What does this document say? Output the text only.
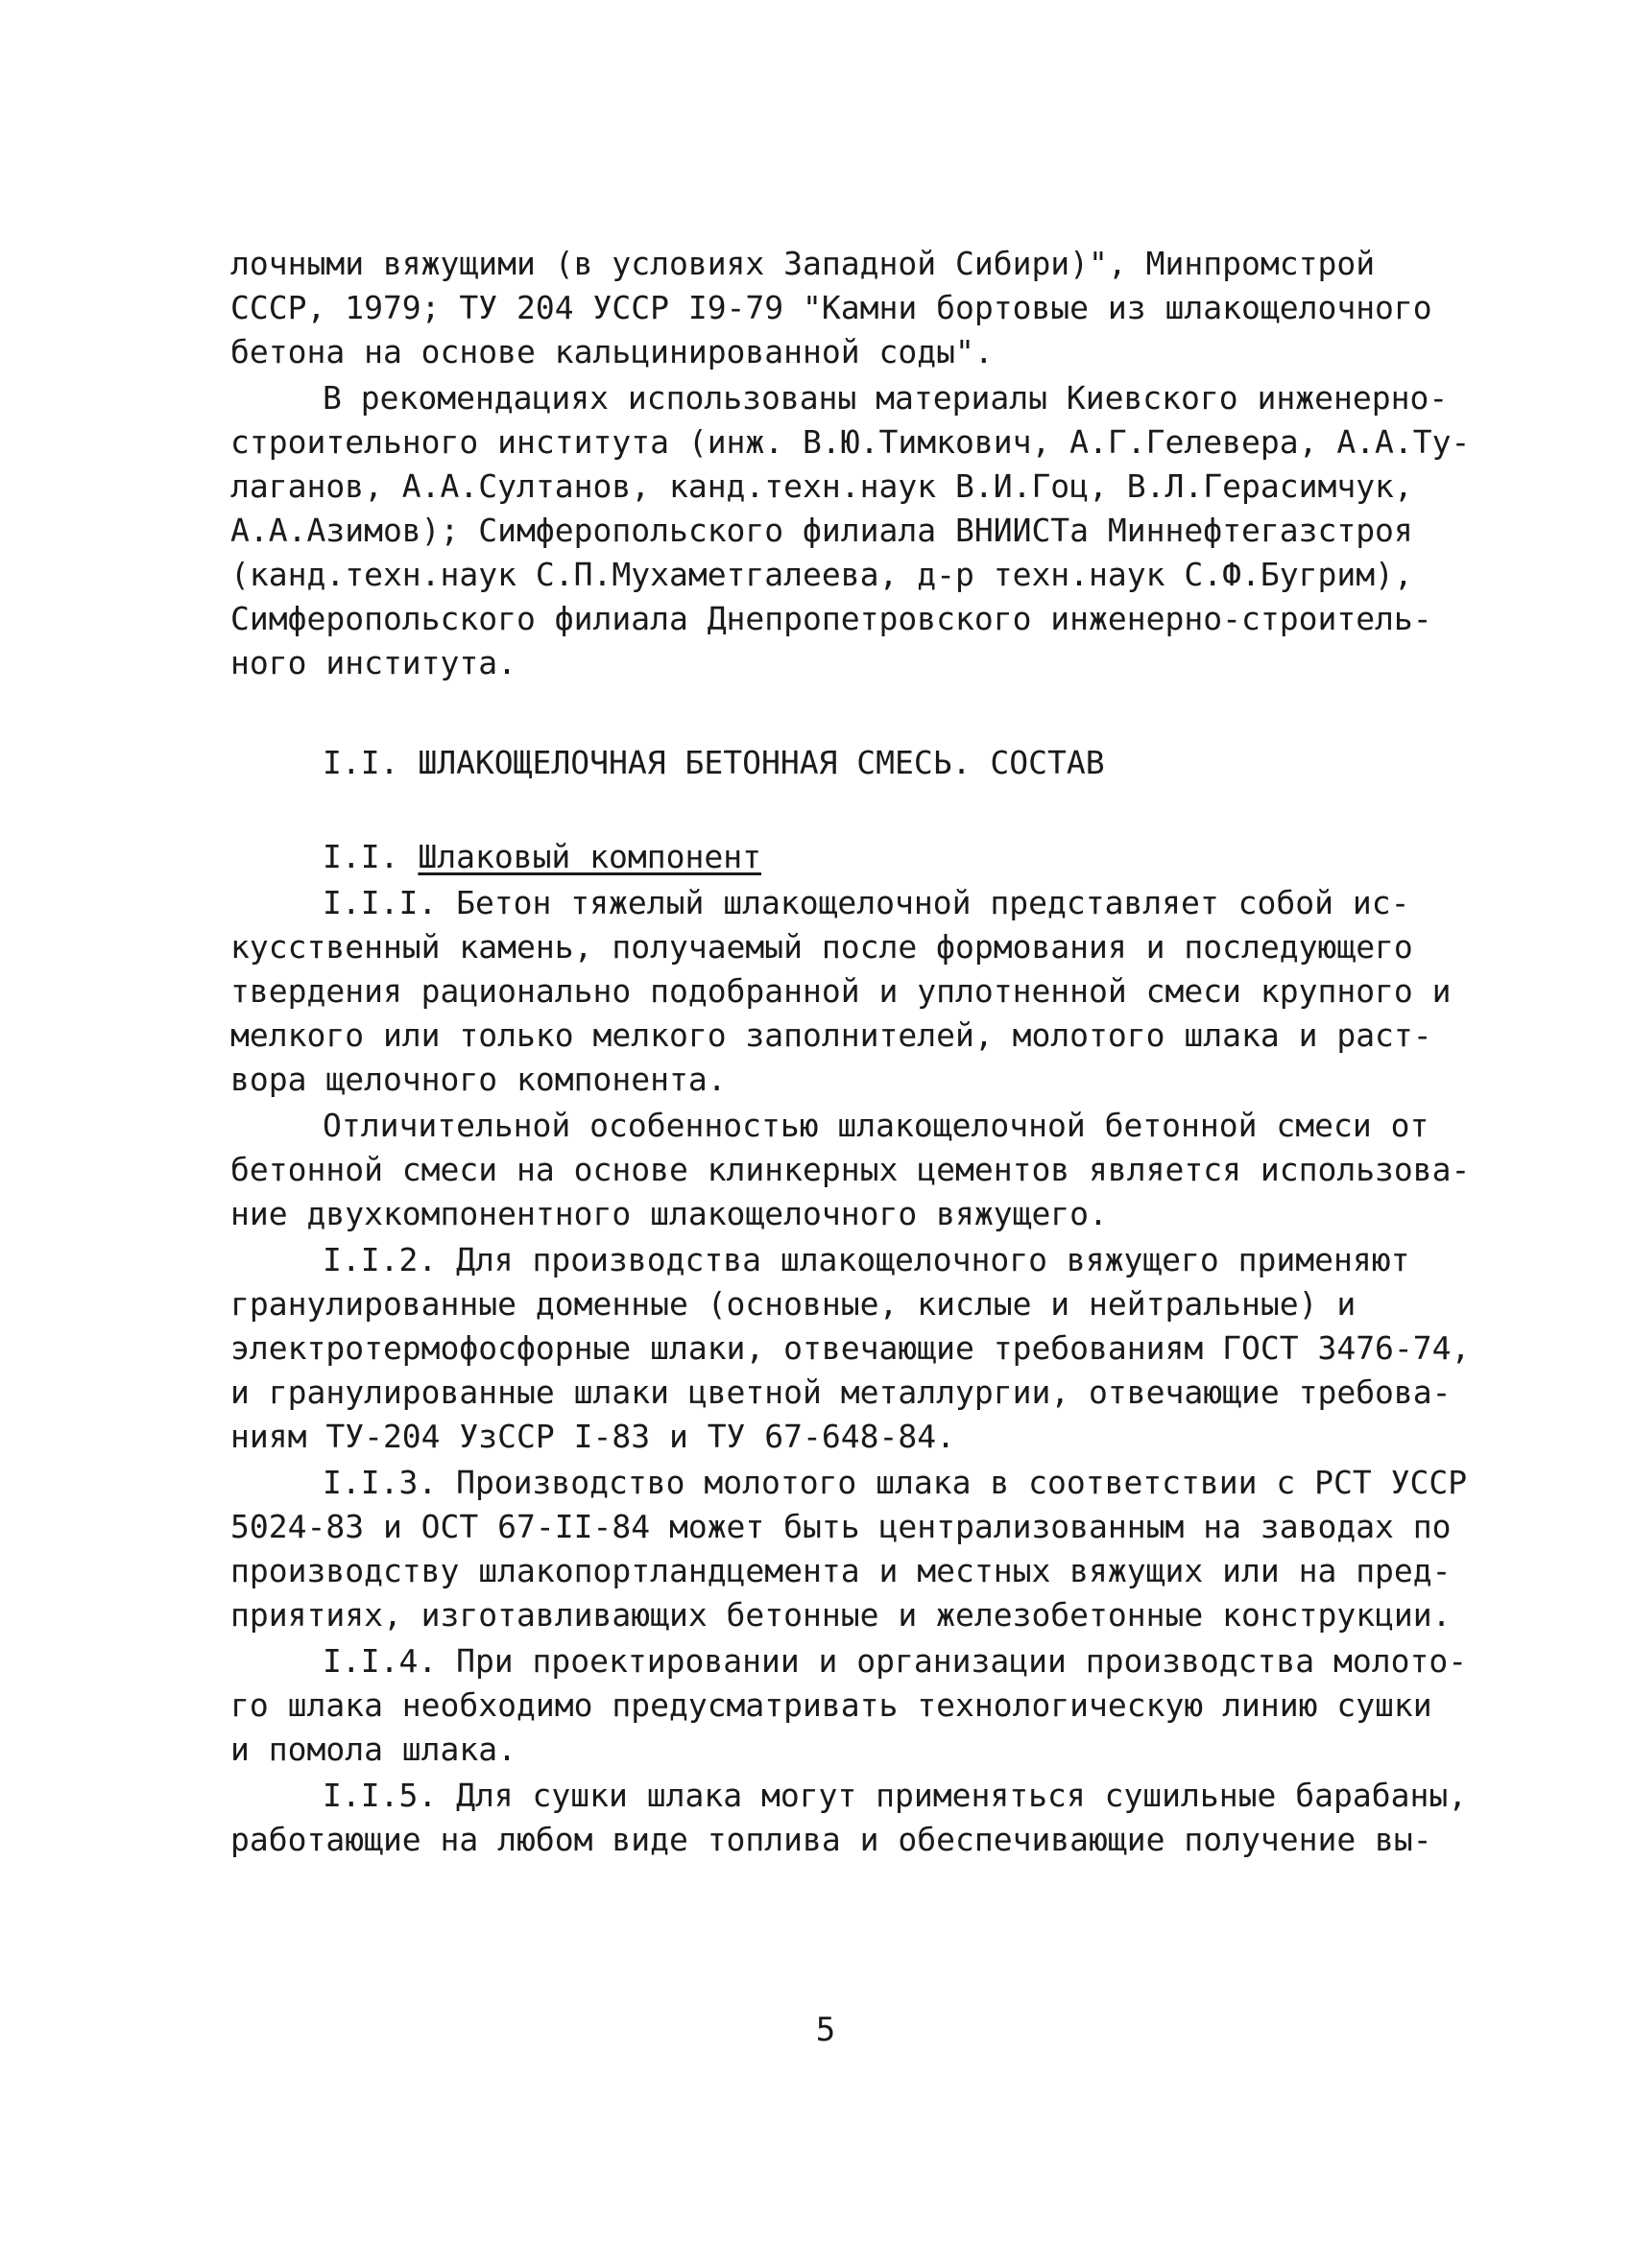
лочными вяжущими (в условиях Западной Сибири)", Минпромстрой
СССР, 1979; ТУ 204 УССР I9-79 "Камни бортовые из шлакощелочного
бетона на основе кальцинированной соды".
В рекомендациях использованы материалы Киевского инженерно-
строительного института (инж. В.Ю.Тимкович, А.Г.Гелевера, А.А.Ту-
лаганов, А.А.Султанов, канд.техн.наук В.И.Гоц, В.Л.Герасимчук,
А.А.Азимов); Симферопольского филиала ВНИИСТа Миннефтегазстроя
(канд.техн.наук С.П.Мухаметгалеева, д-р техн.наук С.Ф.Бугрим),
Симферопольского филиала Днепропетровского инженерно-строитель-
ного института.
I.I. ШЛАКОЩЕЛОЧНАЯ БЕТОННАЯ СМЕСЬ. СОСТАВ
I.I. Шлаковый компонент
I.I.I. Бетон тяжелый шлакощелочной представляет собой ис-
кусственный камень, получаемый после формования и последующего
твердения рационально подобранной и уплотненной смеси крупного и
мелкого или только мелкого заполнителей, молотого шлака и раст-
вора щелочного компонента.
Отличительной особенностью шлакощелочной бетонной смеси от
бетонной смеси на основе клинкерных цементов является использова-
ние двухкомпонентного шлакощелочного вяжущего.
I.I.2. Для производства шлакощелочного вяжущего применяют
гранулированные доменные (основные, кислые и нейтральные) и
электротермофосфорные шлаки, отвечающие требованиям ГОСТ 3476-74,
и гранулированные шлаки цветной металлургии, отвечающие требова-
ниям ТУ-204 УзССР I-83 и ТУ 67-648-84.
I.I.3. Производство молотого шлака в соответствии с РСТ УССР
5024-83 и ОСТ 67-II-84 может быть централизованным на заводах по
производству шлакопортландцемента и местных вяжущих или на пред-
приятиях, изготавливающих бетонные и железобетонные конструкции.
I.I.4. При проектировании и организации производства молото-
го шлака необходимо предусматривать технологическую линию сушки
и помола шлака.
I.I.5. Для сушки шлака могут применяться сушильные барабаны,
работающие на любом виде топлива и обеспечивающие получение вы-
5
